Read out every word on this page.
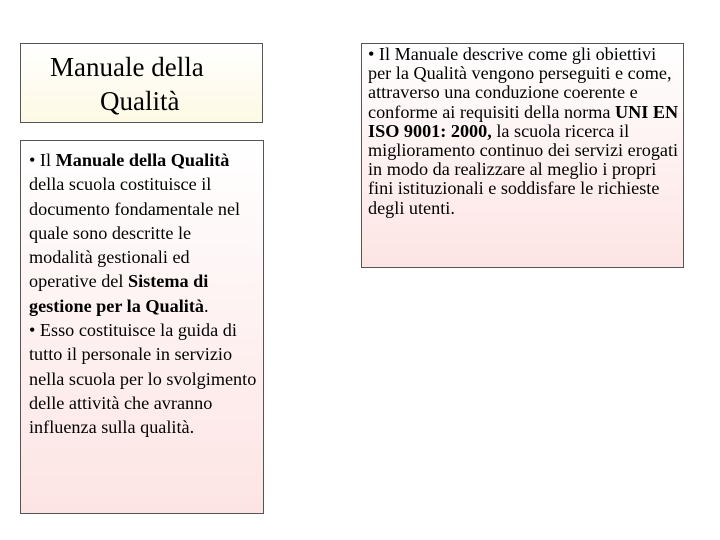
Manuale della
Qualità

• Il Manuale della Qualità della scuola costituisce il documento fondamentale nel quale sono descritte le modalità gestionali ed operative del Sistema di gestione per la Qualità.

• Esso costituisce la guida di tutto il personale in servizio nella scuola per lo svolgimento delle attività che avranno influenza sulla qualità.

• Il Manuale descrive come gli obiettivi per la Qualità vengono perseguiti e come, attraverso una conduzione coerente e conforme ai requisiti della norma UNI EN ISO 9001: 2000, la scuola ricerca il miglioramento continuo dei servizi erogati in modo da realizzare al meglio i propri fini istituzionali e soddisfare le richieste degli utenti.
